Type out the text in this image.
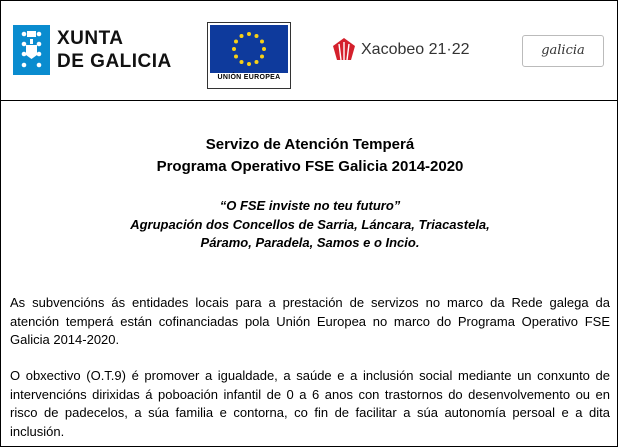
XUNTA
DE GALICIA
UNIÓN EUROPEA
Xacobeo 21·22	galicia
Servizo de Atención Temperá
Programa Operativo FSE Galicia 2014-2020
“O FSE inviste no teu futuro”
Agrupación dos Concellos de Sarria, Láncara, Triacastela,
Páramo, Paradela, Samos e o Incio.
As subvencións ás entidades locais para a prestación de servizos no marco da Rede galega da atención temperá están cofinanciadas pola Unión Europea no marco do Programa Operativo FSE Galicia 2014-2020.
O obxectivo (O.T.9) é promover a igualdade, a saúde e a inclusión social mediante un conxunto de intervencións dirixidas á poboación infantil de 0 a 6 anos con trastornos do desenvolvemento ou en risco de padecelos, a súa familia e contorna, co fin de facilitar a súa autonomía persoal e a dita inclusión.
